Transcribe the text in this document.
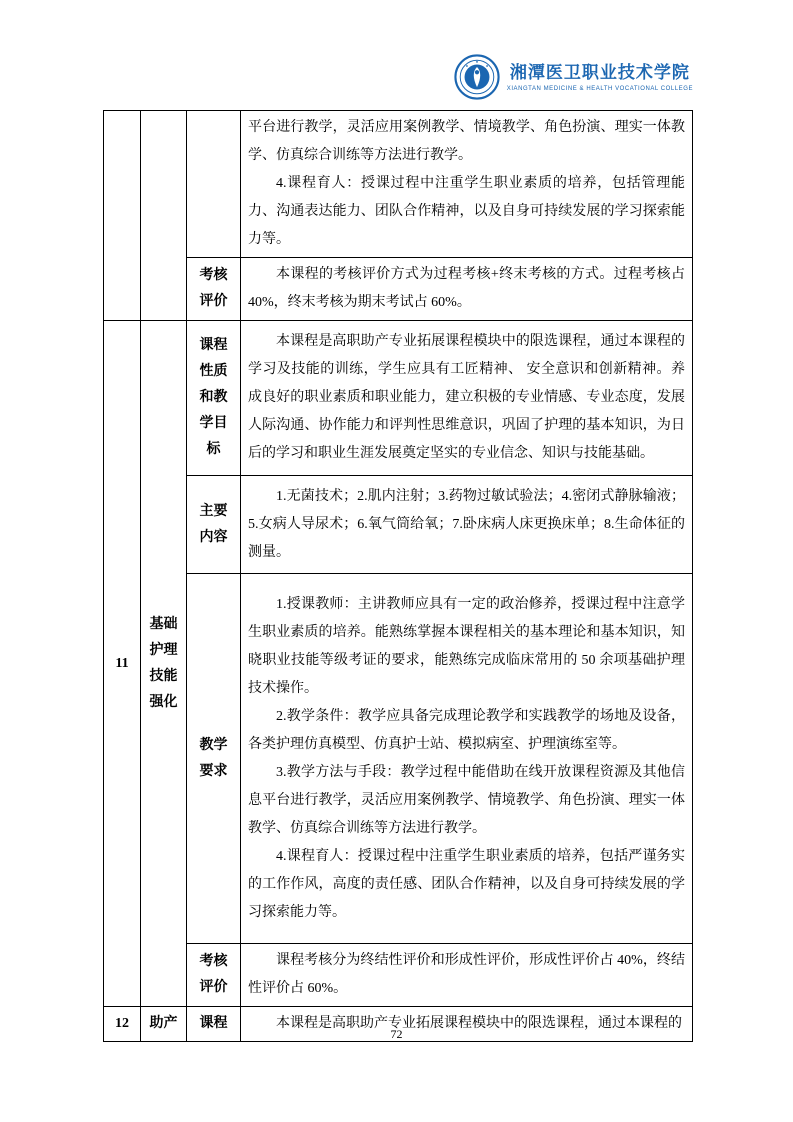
湘潭医卫职业技术学院
XIANGTAN MEDICINE & HEALTH VOCATIONAL COLLEGE

			平台进行教学，灵活应用案例教学、情境教学、角色扮演、理实一体教学、仿真综合训练等方法进行教学。

4.课程育人：授课过程中注重学生职业素质的培养，包括管理能力、沟通表达能力、团队合作精神，以及自身可持续发展的学习探索能力等。

		考核评价	本课程的考核评价方式为过程考核+终末考核的方式。过程考核占 40%，终末考核为期末考试占 60%。

11	基础护理技能强化	课程性质和教学目标	本课程是高职助产专业拓展课程模块中的限选课程，通过本课程的学习及技能的训练，学生应具有工匠精神、 安全意识和创新精神。养成良好的职业素质和职业能力，建立积极的专业情感、专业态度，发展人际沟通、协作能力和评判性思维意识，巩固了护理的基本知识，为日后的学习和职业生涯发展奠定坚实的专业信念、知识与技能基础。

		主要内容	1.无菌技术；2.肌内注射；3.药物过敏试验法；4.密闭式静脉输液；5.女病人导尿术；6.氧气筒给氧；7.卧床病人床更换床单；8.生命体征的测量。

		教学要求	1.授课教师：主讲教师应具有一定的政治修养，授课过程中注意学生职业素质的培养。能熟练掌握本课程相关的基本理论和基本知识，知晓职业技能等级考证的要求，能熟练完成临床常用的 50 余项基础护理技术操作。

2.教学条件：教学应具备完成理论教学和实践教学的场地及设备，各类护理仿真模型、仿真护士站、模拟病室、护理演练室等。

3.教学方法与手段：教学过程中能借助在线开放课程资源及其他信息平台进行教学，灵活应用案例教学、情境教学、角色扮演、理实一体教学、仿真综合训练等方法进行教学。

4.课程育人：授课过程中注重学生职业素质的培养，包括严谨务实的工作作风，高度的责任感、团队合作精神，以及自身可持续发展的学习探索能力等。

		考核评价	课程考核分为终结性评价和形成性评价，形成性评价占 40%，终结性评价占 60%。

12	助产	课程	本课程是高职助产专业拓展课程模块中的限选课程，通过本课程的

72
